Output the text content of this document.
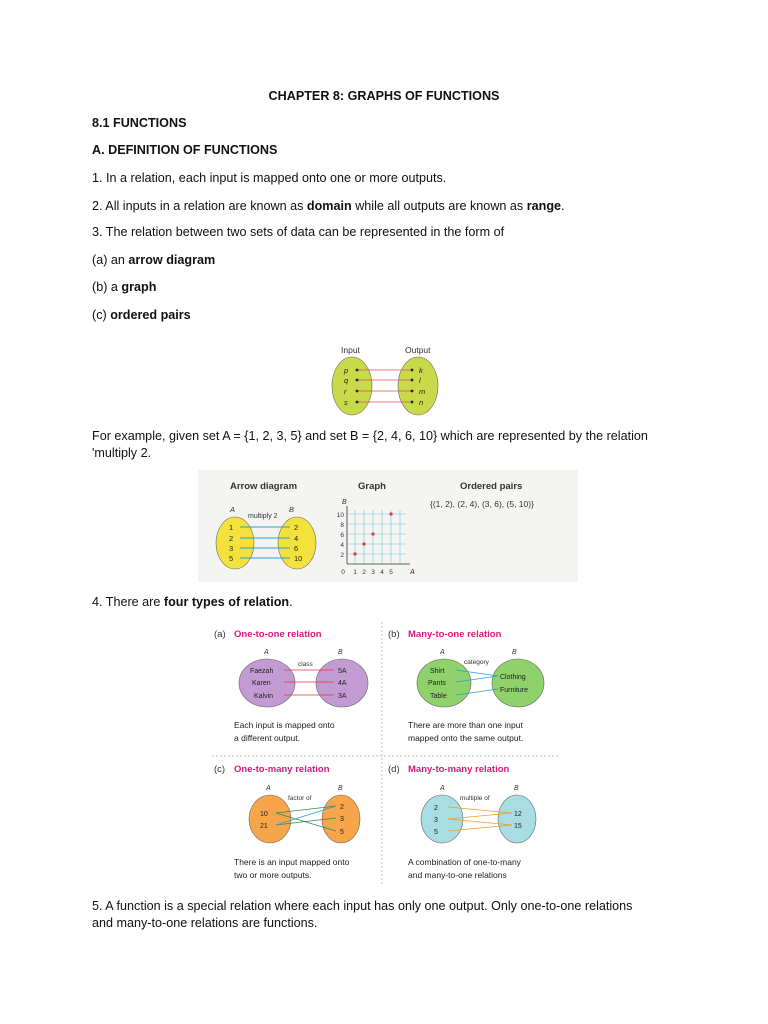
CHAPTER 8: GRAPHS OF FUNCTIONS
8.1 FUNCTIONS
A. DEFINITION OF FUNCTIONS
1. In a relation, each input is mapped onto one or more outputs.
2. All inputs in a relation are known as domain while all outputs are known as range.
3. The relation between two sets of data can be represented in the form of
(a) an arrow diagram
(b) a graph
(c) ordered pairs
Input	Output
p
q
r
s
k
l
m
n
For example, given set A = {1, 2, 3, 5} and set B = {2, 4, 6, 10} which are represented by the relation
'multiply 2.
Arrow diagram	Graph	Ordered pairs
A	B
multiply 2
1
2
3
5
2
4
6
10
B
A
10
8
6
4
2
0 1 2 3 4 5
{(1, 2), (2, 4), (3, 6), (5, 10)}
4. There are four types of relation.
(a) One-to-one relation
A	B
class
Faezah
Karen
Kalvin
5A
4A
3A
Each input is mapped onto
a different output.
(b) Many-to-one relation
A	B
category
Shirt
Pants
Table
Clothing
Furniture
There are more than one input
mapped onto the same output.
(c) One-to-many relation
A	B
factor of
10
21
2
3
5
There is an input mapped onto
two or more outputs.
(d) Many-to-many relation
A	B
multiple of
2
3
5
12
15
A combination of one-to-many
and many-to-one relations
5. A function is a special relation where each input has only one output. Only one-to-one relations
and many-to-one relations are functions.
